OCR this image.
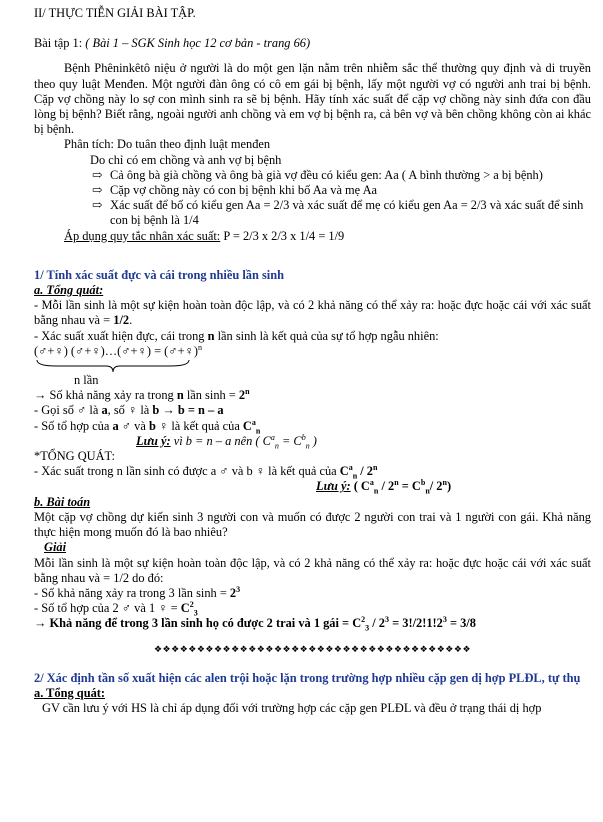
II/ THỰC TIỄN GIẢI BÀI TẬP.

Bài tập 1: ( Bài 1 – SGK Sinh học 12 cơ bản - trang 66)

Bệnh Phêninkêtô niệu ở người là do một gen lặn nằm trên nhiễm sắc thể thường quy định và di truyền theo quy luật Menđen. Một người đàn ông có cô em gái bị bệnh, lấy một người vợ có người anh trai bị bệnh. Cặp vợ chồng này lo sợ con mình sinh ra sẽ bị bệnh. Hãy tính xác suất để cặp vợ chồng này sinh đứa con đầu lòng bị bệnh? Biết rằng, ngoài người anh chồng và em vợ bị bệnh ra, cả bên vợ và bên chồng không còn ai khác bị bệnh.

Phân tích: Do tuân theo định luật menđen

Do chỉ có em chồng và anh vợ bị bệnh

⇨ Cả ông bà già chồng và ông bà già vợ đều có kiểu gen: Aa ( A bình thường > a bị bệnh)

⇨ Cặp vợ chồng này có con bị bệnh khi bố Aa và mẹ Aa

⇨ Xác suất để bố có kiểu gen Aa = 2/3 và xác suất để mẹ có kiểu gen Aa = 2/3 và xác suất để sinh con bị bệnh là 1/4

Áp dụng quy tắc nhân xác suất: P = 2/3 x 2/3 x 1/4 = 1/9

1/ Tính xác suất đực và cái trong nhiều lần sinh

a. Tổng quát:

- Mỗi lần sinh là một sự kiện hoàn toàn độc lập, và có 2 khả năng có thể xảy ra: hoặc đực hoặc cái với xác suất bằng nhau và = 1/2.

- Xác suất xuất hiện đực, cái trong n lần sinh là kết quả của sự tổ hợp ngẫu nhiên:

(♂+♀) (♂+♀)…(♂+♀) = (♂+♀)$^n$

n lần

→ Số khả năng xảy ra trong n lần $\sinh = 2^n$

- Gọi số ♂ là a, số ♀ là b → b = n – a

- Số tổ hợp của a ♂ và b ♀ là kết quả của $C^a_n$

Lưu ý: vì b = n – a nên ( $C^a_n = C^b_n$ )

*TỔNG QUÁT:

- Xác suất trong n lần sinh có được a ♂ và b ♀ là kết quả của $C^a_n / 2^n$

Lưu ý: ( $C^a_n / 2^n = C^b_n/$ 2$^n$)

b. Bài toán

Một cặp vợ chồng dự kiến sinh 3 người con và muốn có được 2 người con trai và 1 người con gái. Khả năng thực hiện mong muốn đó là bao nhiêu?

Giải

Mỗi lần sinh là một sự kiện hoàn toàn độc lập, và có 2 khả năng có thể xảy ra: hoặc đực hoặc cái với xác suất bằng nhau và = 1/2 do đó:

- Số khả năng xảy ra trong 3 lần $\sinh = 2^3$

- Số tổ hợp của 2 ♂ và 1 ♀ = $C^2_3$

→ Khả năng để trong 3 lần sinh họ có được 2 trai và 1 gái = $C^2_3 / 2^3 = 3!/2!1!2^3 = 3/8$

❖❖❖❖❖❖❖❖❖❖❖❖❖❖❖❖❖❖❖❖❖❖❖❖❖❖❖❖❖❖❖❖❖❖❖❖❖

2/ Xác định tần số xuất hiện các alen trội hoặc lặn trong trường hợp nhiều cặp gen dị hợp PLĐL, tự thụ

a. Tổng quát:

GV cần lưu ý với HS là chỉ áp dụng đối với trường hợp các cặp gen PLĐL và đều ở trạng thái dị hợp
